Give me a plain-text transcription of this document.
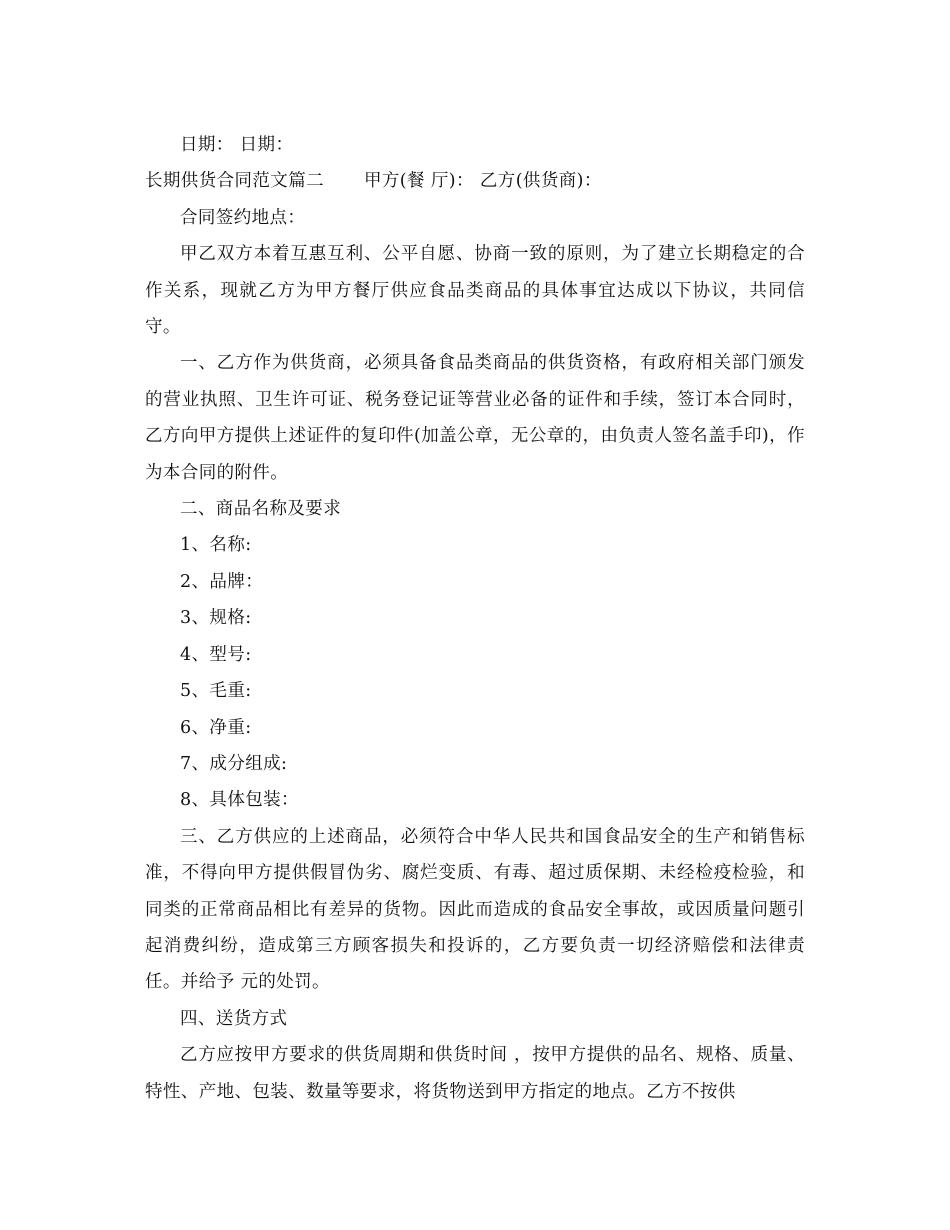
日期： 日期：

长期供货合同范文篇二 甲方(餐 厅)： 乙方(供货商)：

合同签约地点：

甲乙双方本着互惠互利、公平自愿、协商一致的原则，为了建立长期稳定的合作关系，现就乙方为甲方餐厅供应食品类商品的具体事宜达成以下协议，共同信守。

一、乙方作为供货商，必须具备食品类商品的供货资格，有政府相关部门颁发的营业执照、卫生许可证、税务登记证等营业必备的证件和手续，签订本合同时，乙方向甲方提供上述证件的复印件(加盖公章，无公章的，由负责人签名盖手印)，作为本合同的附件。

二、商品名称及要求

1、名称:

2、品牌：

3、规格:

4、型号:

5、毛重:

6、净重:

7、成分组成:

8、具体包装：

三、乙方供应的上述商品，必须符合中华人民共和国食品安全的生产和销售标准，不得向甲方提供假冒伪劣、腐烂变质、有毒、超过质保期、未经检疫检验，和同类的正常商品相比有差异的货物。因此而造成的食品安全事故，或因质量问题引起消费纠纷，造成第三方顾客损失和投诉的，乙方要负责一切经济赔偿和法律责任。并给予 元的处罚。

四、送货方式

乙方应按甲方要求的供货周期和供货时间 ，按甲方提供的品名、规格、质量、特性、产地、包装、数量等要求，将货物送到甲方指定的地点。乙方不按供
